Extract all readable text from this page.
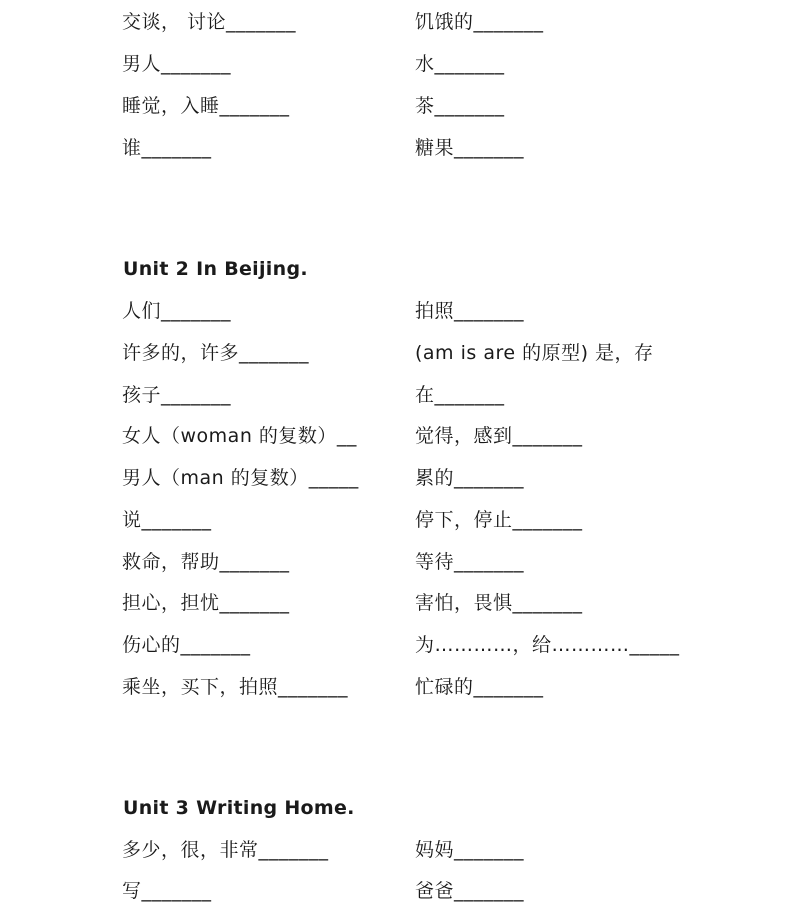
交谈， 讨论_______	饥饿的_______
男人_______	水_______
睡觉，入睡_______	茶_______
谁_______	糖果_______
Unit 2 In Beijing.
人们_______	拍照_______
许多的，许多_______	(am is are 的原型) 是，存
孩子_______	在_______
女人（woman 的复数）__	觉得，感到_______
男人（man 的复数）_____	累的_______
说_______	停下，停止_______
救命，帮助_______	等待_______
担心，担忧_______	害怕，畏惧_______
伤心的_______	为…………，给…………_____
乘坐，买下，拍照_______	忙碌的_______
Unit 3 Writing Home.
多少，很，非常_______	妈妈_______
写_______	爸爸_______
